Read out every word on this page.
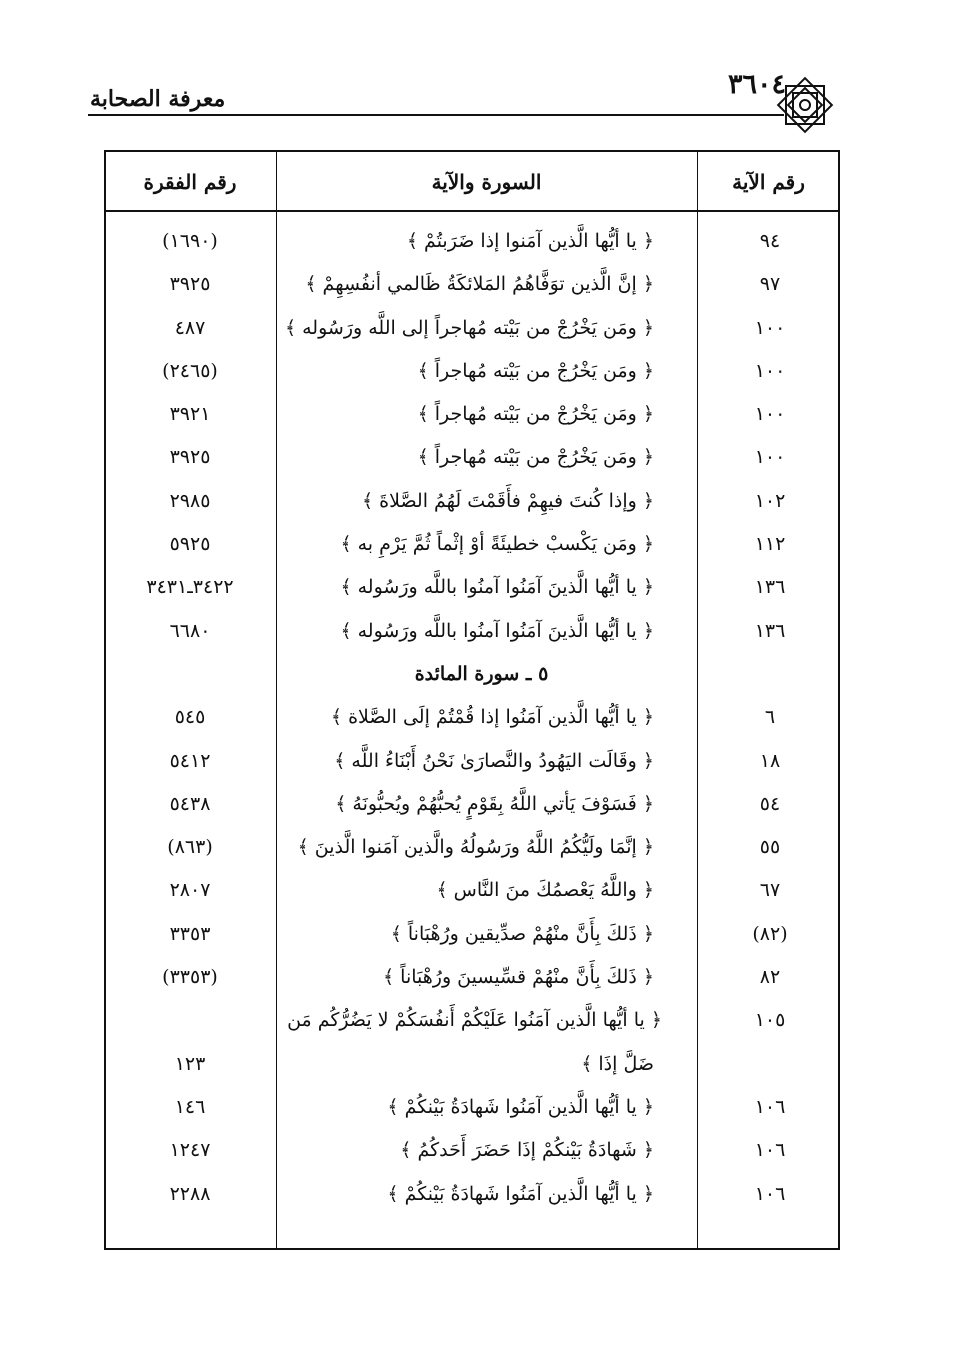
٣٦٠٤
معرفة الصحابة
رقم الآية
السورة والآية
رقم الفقرة
٩٤
﴿ يا أيُّها الَّذين آمَنوا إذا ضَرَبتُمْ ﴾
(١٦٩٠)
٩٧
﴿ إنَّ الَّذين توَفَّاهُمُ المَلائكَةُ ظَالمي أنفُسِهِمْ ﴾
٣٩٢٥
١٠٠
﴿ ومَن يَخْرُجْ من بَيْته مُهاجراً إلى اللَّه ورَسُوله ﴾
٤٨٧
١٠٠
﴿ ومَن يَخْرُجْ من بَيْته مُهاجراً ﴾
(٢٤٦٥)
١٠٠
﴿ ومَن يَخْرُجْ من بَيْته مُهاجراً ﴾
٣٩٢١
١٠٠
﴿ ومَن يَخْرُجْ من بَيْته مُهاجراً ﴾
٣٩٢٥
١٠٢
﴿ وإذا كُنتَ فيهِمْ فأَقَمْتَ لَهُمُ الصَّلاةَ ﴾
٢٩٨٥
١١٢
﴿ ومَن يَكْسبْ خطيئَةً أوْ إثْماً ثُمَّ يَرْمِ به ﴾
٥٩٢٥
١٣٦
﴿ يا أيُّها الَّذينَ آمَنُوا آمنُوا باللَّه ورَسُوله ﴾
٣٤٢٢ـ٣٤٣١
١٣٦
﴿ يا أيُّها الَّذينَ آمَنُوا آمنُوا باللَّه ورَسُوله ﴾
٦٦٨٠
٥ ـ سورة المائدة
٦
﴿ يا أيُّها الَّذين آمَنُوا إذا قُمْتُمْ إلَى الصَّلاة ﴾
٥٤٥
١٨
﴿ وقَالَت اليَهُودُ والنَّصارَىٰ نَحْنُ أَبْنَاءُ اللَّه ﴾
٥٤١٢
٥٤
﴿ فَسَوْفَ يَأتي اللَّهُ بِقَوْمٍ يُحبُّهُمْ ويُحبُّونَهُ ﴾
٥٤٣٨
٥٥
﴿ إنَّمَا ولَيُّكُمُ اللَّهُ ورَسُولُهُ والَّذين آمَنوا الَّذينَ ﴾
(٨٦٣)
٦٧
﴿ واللَّهُ يَعْصمُكَ منَ النَّاس ﴾
٢٨٠٧
(٨٢)
﴿ ذَلكَ بِأَنَّ منْهُمْ صدِّيقين ورُهْبَاناً ﴾
٣٣٥٣
٨٢
﴿ ذَلكَ بِأَنَّ منْهُمْ قسِّيسينَ ورُهْبَاناً ﴾
(٣٣٥٣)
١٠٥
﴿ يا أيُّها الَّذين آمَنُوا عَلَيْكُمْ أَنفُسَكُمْ لا يَضُرُّكُم مَن
ضَلَّ إذَا ﴾
١٢٣
١٠٦
﴿ يا أيُّها الَّذين آمَنُوا شَهادَةُ بَيْنكُمْ ﴾
١٤٦
١٠٦
﴿ شَهادَةُ بَيْنكُمْ إذَا حَضَرَ أَحَدكُمُ ﴾
١٢٤٧
١٠٦
﴿ يا أيُّها الَّذين آمَنُوا شَهادَةُ بَيْنكُمْ ﴾
٢٢٨٨
